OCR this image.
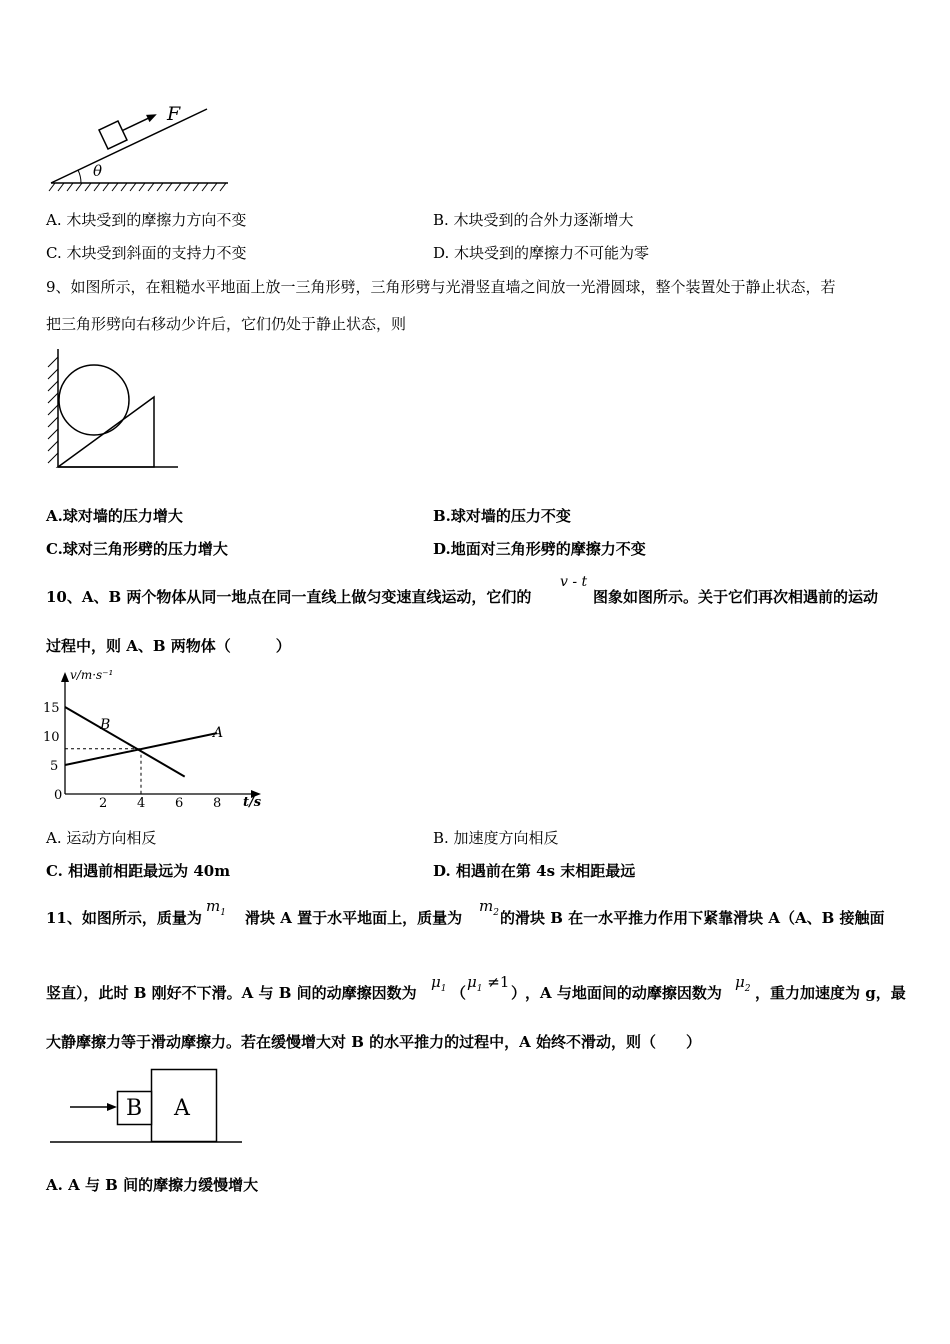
θ
F
A. 木块受到的摩擦力方向不变	B. 木块受到的合外力逐渐增大
C. 木块受到斜面的支持力不变	D. 木块受到的摩擦力不可能为零
9、如图所示，在粗糙水平地面上放一三角形劈，三角形劈与光滑竖直墙之间放一光滑圆球，整个装置处于静止状态，若
把三角形劈向右移动少许后，它们仍处于静止状态，则
A.球对墙的压力增大	B.球对墙的压力不变
C.球对三角形劈的压力增大	D.地面对三角形劈的摩擦力不变
10、A、B 两个物体从同一地点在同一直线上做匀变速直线运动，它们的
v - t
图象如图所示。关于它们再次相遇前的运动
过程中，则 A、B 两物体（　　　）
v/m·s⁻¹
t/s
0
2 4 6 8
5
10
15
A
B
A. 运动方向相反	B. 加速度方向相反
C. 相遇前相距最远为 40m	D. 相遇前在第 4s 末相距最远
11、如图所示，质量为
$m_1$ 滑块 A 置于水平地面上，质量为
$m_2$ 的滑块 B 在一水平推力作用下紧靠滑块 A（A、B 接触面
竖直），此时 B 刚好不下滑。A 与 B 间的动摩擦因数为
$\mu_1$ （
$\mu_1 \ne 1$
）
，A 与地面间的动摩擦因数为
$\mu_2$ ，重力加速度为 g，最
大静摩擦力等于滑动摩擦力。若在缓慢增大对 B 的水平推力的过程中，A 始终不滑动，则（　　）
B A
A. A 与 B 间的摩擦力缓慢增大
